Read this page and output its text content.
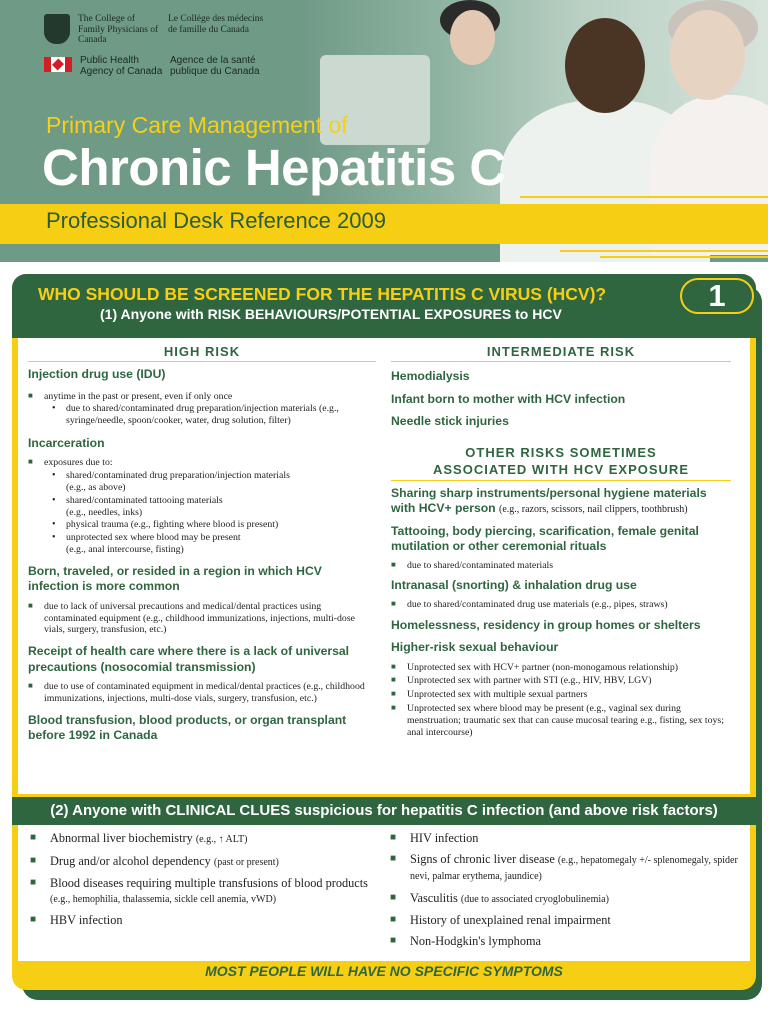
The College of Family Physicians of Canada
Le Collège des médecins de famille du Canada
Public Health Agency of Canada
Agence de la santé publique du Canada
Primary Care Management of
Chronic Hepatitis C
Professional Desk Reference 2009
WHO SHOULD BE SCREENED FOR THE HEPATITIS C VIRUS (HCV)?
(1) Anyone with RISK BEHAVIOURS/POTENTIAL EXPOSURES to HCV
1
HIGH RISK
Injection drug use (IDU)
■ anytime in the past or present, even if only once
• due to shared/contaminated drug preparation/injection materials (e.g., syringe/needle, spoon/cooker, water, drug solution, filter)
Incarceration
■ exposures due to:
• shared/contaminated drug preparation/injection materials
(e.g., as above)
• shared/contaminated tattooing materials
(e.g., needles, inks)
• physical trauma (e.g., fighting where blood is present)
• unprotected sex where blood may be present
(e.g., anal intercourse, fisting)
Born, traveled, or resided in a region in which HCV infection is more common
■ due to lack of universal precautions and medical/dental practices using contaminated equipment (e.g., childhood immunizations, injections, multi-dose vials, surgery, transfusion, etc.)
Receipt of health care where there is a lack of universal precautions (nosocomial transmission)
■ due to use of contaminated equipment in medical/dental practices (e.g., childhood immunizations, injections, multi-dose vials, surgery, transfusion, etc.)
Blood transfusion, blood products, or organ transplant before 1992 in Canada
INTERMEDIATE RISK
Hemodialysis
Infant born to mother with HCV infection
Needle stick injuries
OTHER RISKS SOMETIMES
ASSOCIATED WITH HCV EXPOSURE
Sharing sharp instruments/personal hygiene materials with HCV+ person (e.g., razors, scissors, nail clippers, toothbrush)
Tattooing, body piercing, scarification, female genital mutilation or other ceremonial rituals
■ due to shared/contaminated materials
Intranasal (snorting) & inhalation drug use
■ due to shared/contaminated drug use materials (e.g., pipes, straws)
Homelessness, residency in group homes or shelters
Higher-risk sexual behaviour
■ Unprotected sex with HCV+ partner (non-monogamous relationship)
■ Unprotected sex with partner with STI (e.g., HIV, HBV, LGV)
■ Unprotected sex with multiple sexual partners
■ Unprotected sex where blood may be present (e.g., vaginal sex during menstruation; traumatic sex that can cause mucosal tearing e.g., fisting, sex toys; anal intercourse)
(2) Anyone with CLINICAL CLUES suspicious for hepatitis C infection (and above risk factors)
■ Abnormal liver biochemistry (e.g., ↑ ALT)
■ Drug and/or alcohol dependency (past or present)
■ Blood diseases requiring multiple transfusions of blood products (e.g., hemophilia, thalassemia, sickle cell anemia, vWD)
■ HBV infection
■ HIV infection
■ Signs of chronic liver disease (e.g., hepatomegaly +/- splenomegaly, spider nevi, palmar erythema, jaundice)
■ Vasculitis (due to associated cryoglobulinemia)
■ History of unexplained renal impairment
■ Non-Hodgkin's lymphoma
MOST PEOPLE WILL HAVE NO SPECIFIC SYMPTOMS
